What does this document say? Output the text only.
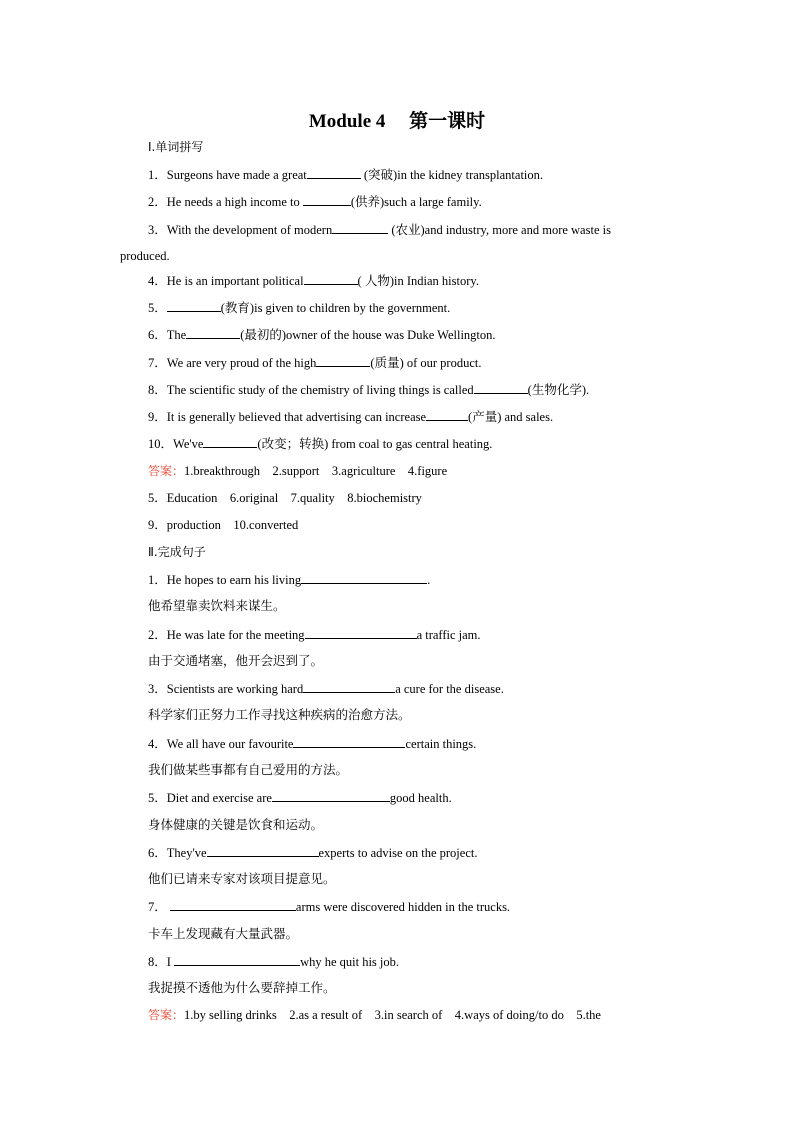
Module 4　 第一课时
Ⅰ.单词拼写
1．Surgeons have made a great	(突破)in the kidney transplantation.
2．He needs a high income to	(供养)such a large family.
3．With the development of modern	(农业)and industry, more and more waste is
produced.
4．He is an important political	( 人物)in Indian history.
5．	(教育)is given to children by the government.
6．The	(最初的)owner of the house was Duke Wellington.
7．We are very proud of the high	(质量) of our product.
8．The scientific study of the chemistry of living things is called	(生物化学).
9．It is generally believed that advertising can increase	(产量) and sales.
10．We've	(改变；转换) from coal to gas central heating.
答案：1.breakthrough　2.support　3.agriculture　4.figure
5．Education　6.original　7.quality　8.biochemistry
9．production　10.converted
Ⅱ.完成句子
1．He hopes to earn his living	.
他希望靠卖饮料来谋生。
2．He was late for the meeting	a traffic jam.
由于交通堵塞，他开会迟到了。
3．Scientists are working hard	a cure for the disease.
科学家们正努力工作寻找这种疾病的治愈方法。
4．We all have our favourite	certain things.
我们做某些事都有自己爱用的方法。
5．Diet and exercise are	good health.
身体健康的关键是饮食和运动。
6．They've	experts to advise on the project.
他们已请来专家对该项目提意见。
7．	arms were discovered hidden in the trucks.
卡车上发现藏有大量武器。
8．I	why he quit his job.
我捉摸不透他为什么要辞掉工作。
答案：1.by selling drinks　2.as a result of　3.in search of　4.ways of doing/to do　5.the
